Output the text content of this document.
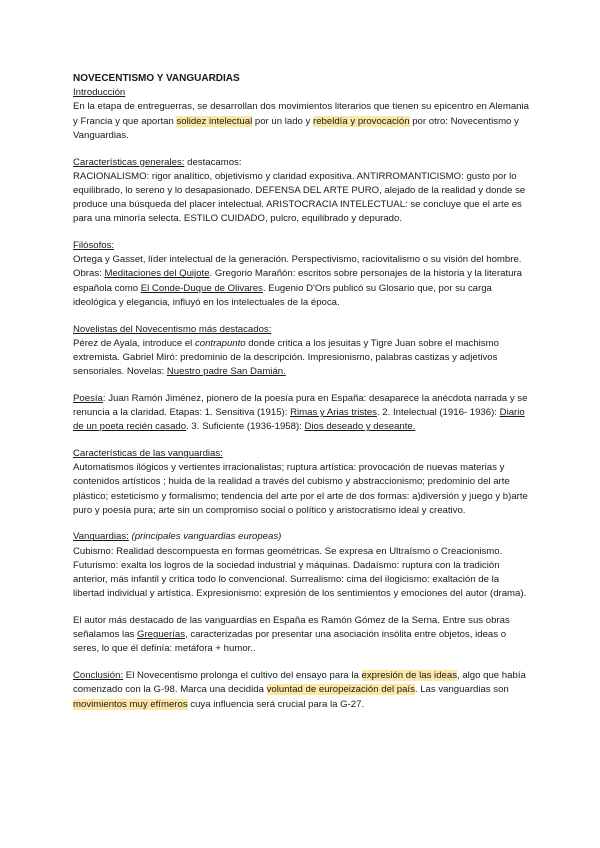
NOVECENTISMO Y VANGUARDIAS

Introducción

En la etapa de entreguerras, se desarrollan dos movimientos literarios que tienen su epicentro en Alemania y Francia y que aportan solidez intelectual por un lado y rebeldía y provocación por otro: Novecentismo y Vanguardias.

Características generales: destacamos:

RACIONALISMO: rigor analítico, objetivismo y claridad expositiva. ANTIRROMANTICISMO: gusto por lo equilibrado, lo sereno y lo desapasionado. DEFENSA DEL ARTE PURO, alejado de la realidad y donde se produce una búsqueda del placer intelectual. ARISTOCRACIA INTELECTUAL: se concluye que el arte es para una minoría selecta. ESTILO CUIDADO, pulcro, equilibrado y depurado.

Filósofos:

Ortega y Gasset, líder intelectual de la generación. Perspectivismo, raciovitalismo o su visión del hombre. Obras: Meditaciones del Quijote. Gregorio Marañón: escritos sobre personajes de la historia y la literatura española como El Conde-Duque de Olivares. Eugenio D'Ors publicó su Glosario que, por su carga ideológica y elegancia, influyó en los intelectuales de la época.

Novelistas del Novecentismo más destacados:

Pérez de Ayala, introduce el contrapunto donde critica a los jesuitas y Tigre Juan sobre el machismo extremista. Gabriel Miró: predominio de la descripción. Impresionismo, palabras castizas y adjetivos sensoriales. Novelas: Nuestro padre San Damián.

Poesía: Juan Ramón Jiménez, pionero de la poesía pura en España: desaparece la anécdota narrada y se renuncia a la claridad. Etapas: 1. Sensitiva (1915): Rimas y Arias tristes. 2. Intelectual (1916- 1936): Diario de un poeta recién casado. 3. Suficiente (1936-1958): Dios deseado y deseante.

Características de las vanguardias:

Automatismos ilógicos y vertientes irracionalistas; ruptura artística: provocación de nuevas materias y contenidos artísticos ; huida de la realidad a través del cubismo y abstraccionismo; predominio del arte plástico; esteticismo y formalismo; tendencia del arte por el arte de dos formas: a)diversión y juego y b)arte puro y poesía pura; arte sin un compromiso social o político y aristocratismo ideal y creativo.

Vanguardias: (principales vanguardias europeas)

Cubismo: Realidad descompuesta en formas geométricas. Se expresa en Ultraísmo o Creacionismo. Futurismo: exalta los logros de la sociedad industrial y máquinas. Dadaísmo: ruptura con la tradición anterior, más infantil y crítica todo lo convencional. Surrealismo: cima del ilogicismo: exaltación de la libertad individual y artística. Expresionismo: expresión de los sentimientos y emociones del autor (drama).

El autor más destacado de las vanguardias en España es Ramón Gómez de la Serna. Entre sus obras señalamos las Greguerías, caracterizadas por presentar una asociación insólita entre objetos, ideas o seres, lo que él definía: metáfora + humor..

Conclusión: El Novecentismo prolonga el cultivo del ensayo para la expresión de las ideas, algo que había comenzado con la G-98. Marca una decidida voluntad de europeización del país. Las vanguardias son movimientos muy efímeros cuya influencia será crucial para la G-27.
